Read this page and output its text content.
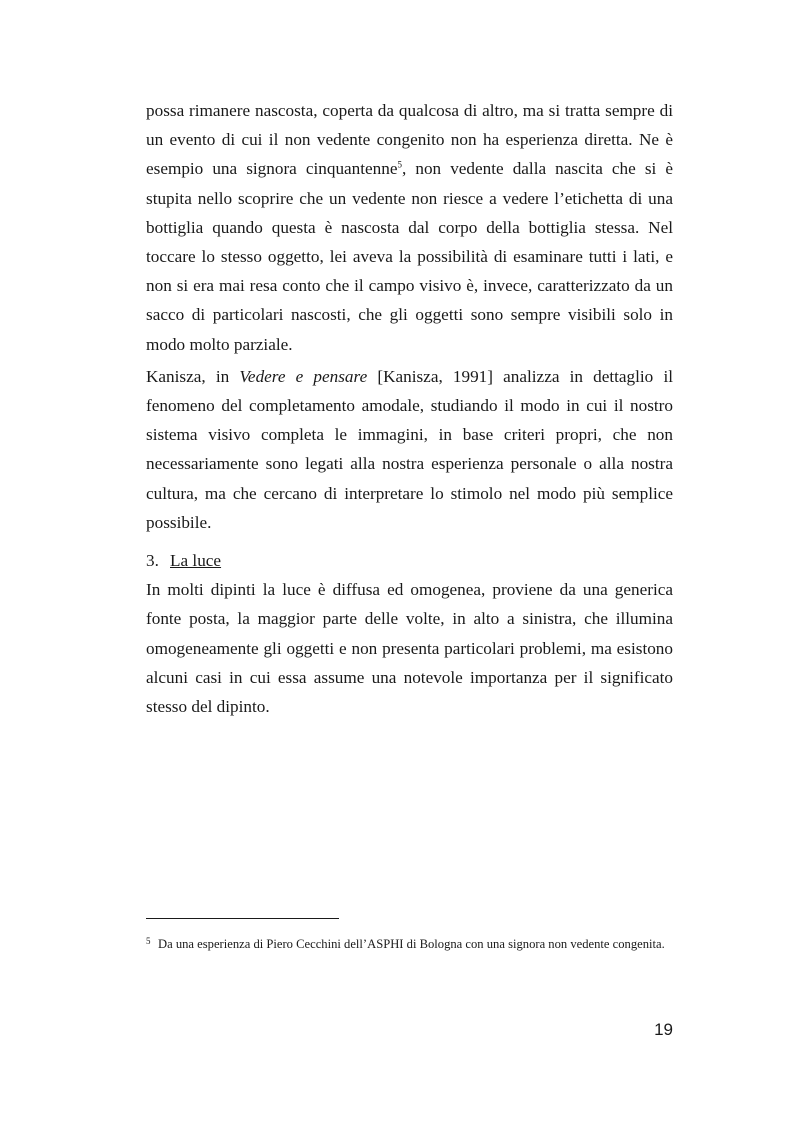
possa rimanere nascosta, coperta da qualcosa di altro, ma si tratta sempre di un evento di cui il non vedente congenito non ha esperienza diretta. Ne è esempio una signora cinquantenne$^5$, non vedente dalla nascita che si è stupita nello scoprire che un vedente non riesce a vedere l’etichetta di una bottiglia quando questa è nascosta dal corpo della bottiglia stessa. Nel toccare lo stesso oggetto, lei aveva la possibilità di esaminare tutti i lati, e non si era mai resa conto che il campo visivo è, invece, caratterizzato da un sacco di particolari nascosti, che gli oggetti sono sempre visibili solo in modo molto parziale.

Kanisza, in Vedere e pensare [Kanisza, 1991] analizza in dettaglio il fenomeno del completamento amodale, studiando il modo in cui il nostro sistema visivo completa le immagini, in base criteri propri, che non necessariamente sono legati alla nostra esperienza personale o alla nostra cultura, ma che cercano di interpretare lo stimolo nel modo più semplice possibile.

3. La luce

In molti dipinti la luce è diffusa ed omogenea, proviene da una generica fonte posta, la maggior parte delle volte, in alto a sinistra, che illumina omogeneamente gli oggetti e non presenta particolari problemi, ma esistono alcuni casi in cui essa assume una notevole importanza per il significato stesso del dipinto.

5 Da una esperienza di Piero Cecchini dell’ASPHI di Bologna con una signora non vedente congenita.
19
